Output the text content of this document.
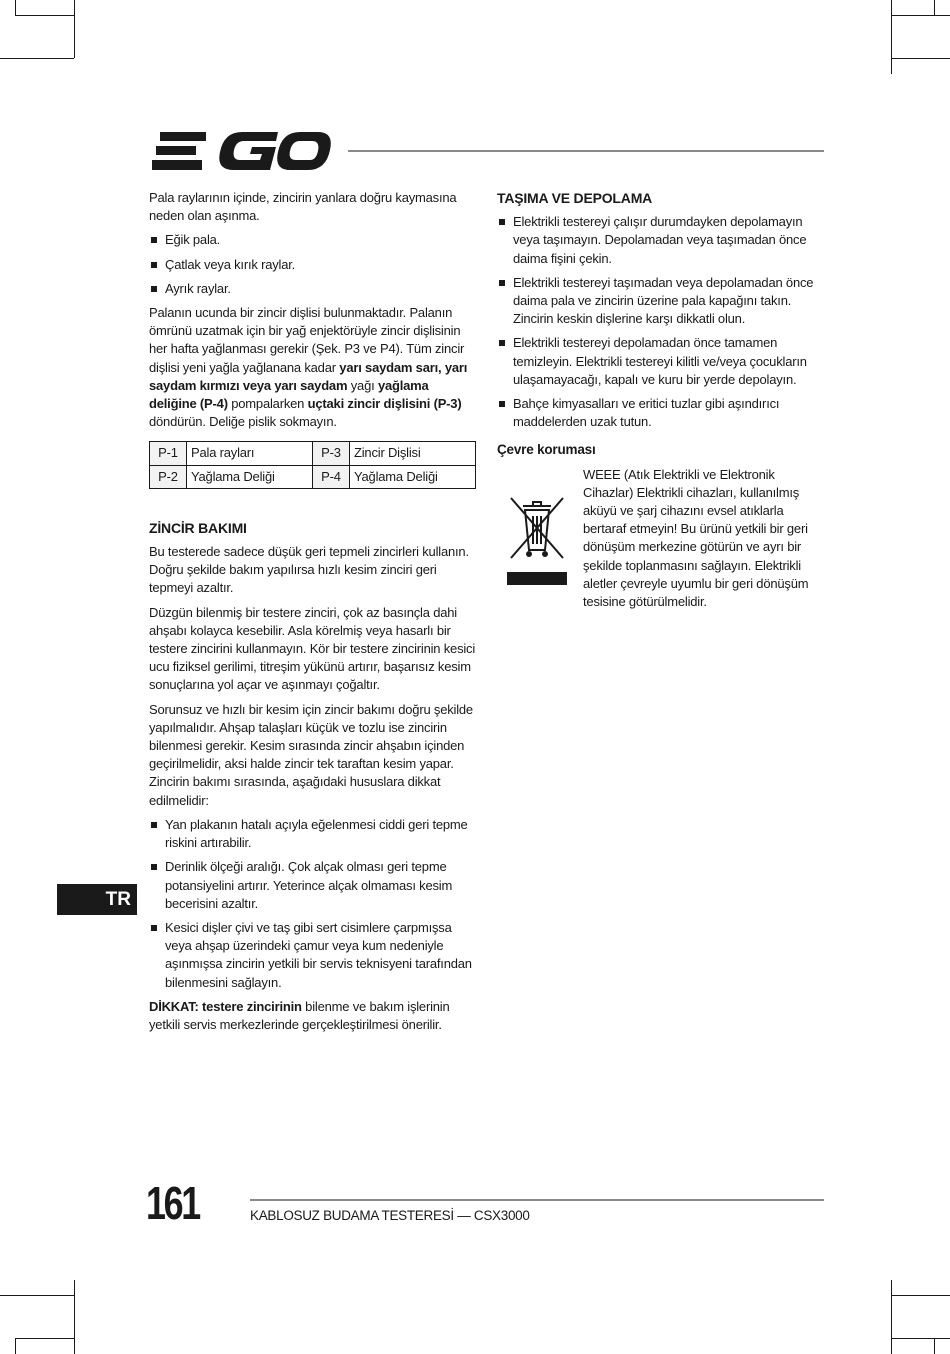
Pala raylarının içinde, zincirin yanlara doğru kaymasına neden olan aşınma.

Eğik pala.
Çatlak veya kırık raylar.
Ayrık raylar.

Palanın ucunda bir zincir dişlisi bulunmaktadır. Palanın ömrünü uzatmak için bir yağ enjektörüyle zincir dişlisinin her hafta yağlanması gerekir (Şek. P3 ve P4). Tüm zincir dişlisi yeni yağla yağlanana kadar yarı saydam sarı, yarı saydam kırmızı veya yarı saydam yağı yağlama deliğine (P-4) pompalarken uçtaki zincir dişlisini (P-3) döndürün. Deliğe pislik sokmayın.

P-1	Pala rayları	P-3	Zincir Dişlisi
P-2	Yağlama Deliği	P-4	Yağlama Deliği
ZİNCİR BAKIMI

Bu testerede sadece düşük geri tepmeli zincirleri kullanın. Doğru şekilde bakım yapılırsa hızlı kesim zinciri geri tepmeyi azaltır.

Düzgün bilenmiş bir testere zinciri, çok az basınçla dahi ahşabı kolayca kesebilir. Asla körelmiş veya hasarlı bir testere zincirini kullanmayın. Kör bir testere zincirinin kesici ucu fiziksel gerilimi, titreşim yükünü artırır, başarısız kesim sonuçlarına yol açar ve aşınmayı çoğaltır.

Sorunsuz ve hızlı bir kesim için zincir bakımı doğru şekilde yapılmalıdır. Ahşap talaşları küçük ve tozlu ise zincirin bilenmesi gerekir. Kesim sırasında zincir ahşabın içinden geçirilmelidir, aksi halde zincir tek taraftan kesim yapar. Zincirin bakımı sırasında, aşağıdaki hususlara dikkat edilmelidir:

Yan plakanın hatalı açıyla eğelenmesi ciddi geri tepme riskini artırabilir.
Derinlik ölçeği aralığı. Çok alçak olması geri tepme potansiyelini artırır. Yeterince alçak olmaması kesim becerisini azaltır.
Kesici dişler çivi ve taş gibi sert cisimlere çarpmışsa veya ahşap üzerindeki çamur veya kum nedeniyle aşınmışsa zincirin yetkili bir servis teknisyeni tarafından bilenmesini sağlayın.

DİKKAT: testere zincirinin bilenme ve bakım işlerinin yetkili servis merkezlerinde gerçekleştirilmesi önerilir.

TAŞIMA VE DEPOLAMA
Elektrikli testereyi çalışır durumdayken depolamayın veya taşımayın. Depolamadan veya taşımadan önce daima fişini çekin.
Elektrikli testereyi taşımadan veya depolamadan önce daima pala ve zincirin üzerine pala kapağını takın. Zincirin keskin dişlerine karşı dikkatli olun.
Elektrikli testereyi depolamadan önce tamamen temizleyin. Elektrikli testereyi kilitli ve/veya çocukların ulaşamayacağı, kapalı ve kuru bir yerde depolayın.
Bahçe kimyasalları ve eritici tuzlar gibi aşındırıcı maddelerden uzak tutun.
Çevre koruması

WEEE (Atık Elektrikli ve Elektronik Cihazlar) Elektrikli cihazları, kullanılmış aküyü ve şarj cihazını evsel atıklarla bertaraf etmeyin! Bu ürünü yetkili bir geri dönüşüm merkezine götürün ve ayrı bir şekilde toplanmasını sağlayın. Elektrikli aletler çevreyle uyumlu bir geri dönüşüm tesisine götürülmelidir.

TR
161	KABLOSUZ BUDAMA TESTERESİ — CSX3000
